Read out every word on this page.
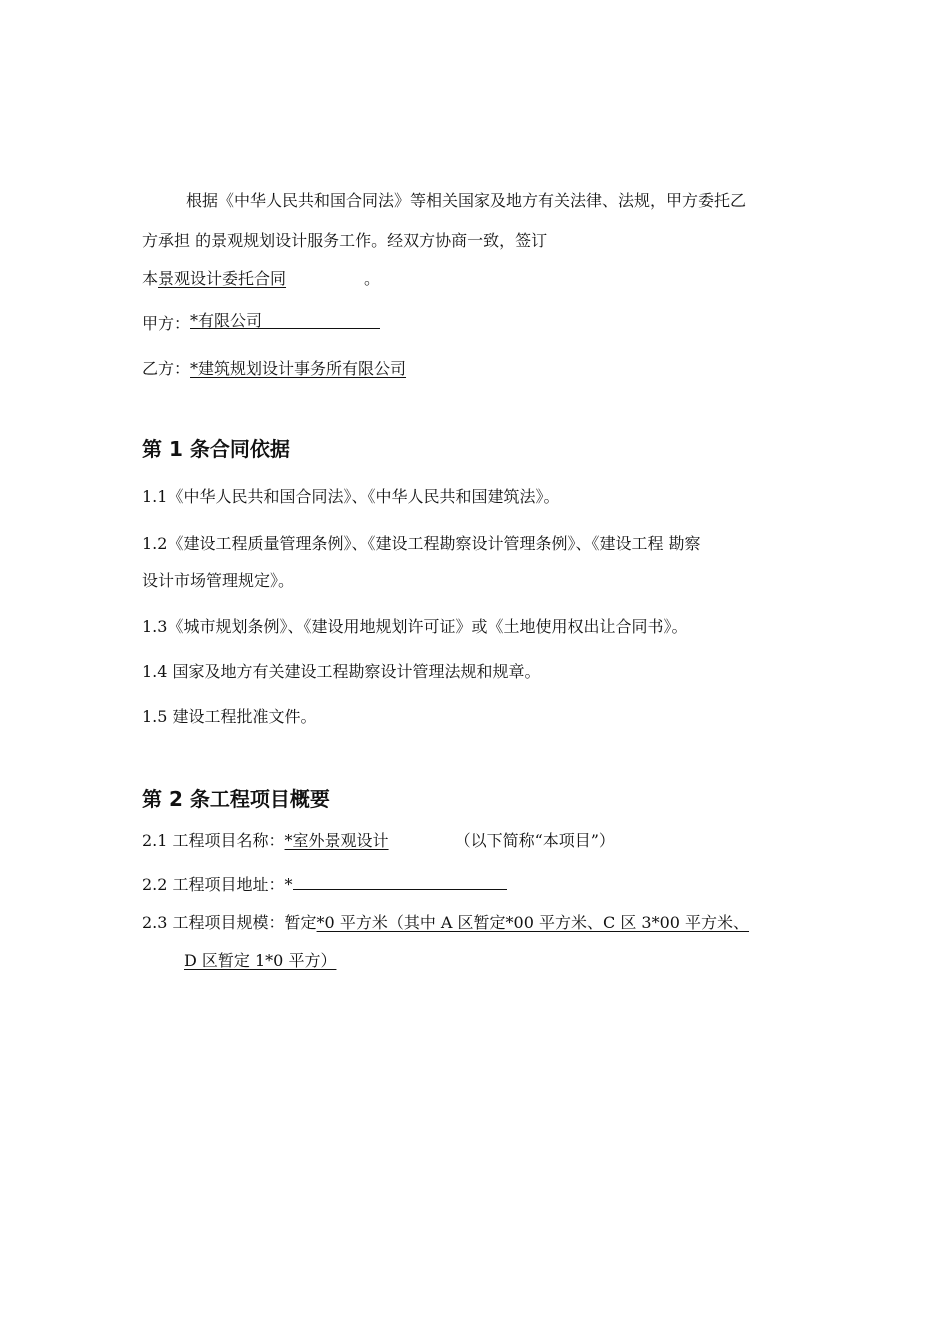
根据《中华人民共和国合同法》等相关国家及地方有关法律、法规，甲方委托乙
方承担 的景观规划设计服务工作。经双方协商一致，签订
本景观设计委托合同	。
甲方： *有限公司
乙方：*建筑规划设计事务所有限公司
第 1 条合同依据
1.1《中华人民共和国合同法》、《中华人民共和国建筑法》。
1.2《建设工程质量管理条例》、《建设工程勘察设计管理条例》、《建设工程 勘察
设计市场管理规定》。
1.3《城市规划条例》、《建设用地规划许可证》或《土地使用权出让合同书》。
1.4 国家及地方有关建设工程勘察设计管理法规和规章。
1.5 建设工程批准文件。
第 2 条工程项目概要
2.1 工程项目名称：*室外景观设计	（以下简称“本项目”）
2.2 工程项目地址：*
2.3 工程项目规模：暂定*0 平方米（其中 A 区暂定*00 平方米、C 区 3*00 平方米、
D 区暂定 1*0 平方）
